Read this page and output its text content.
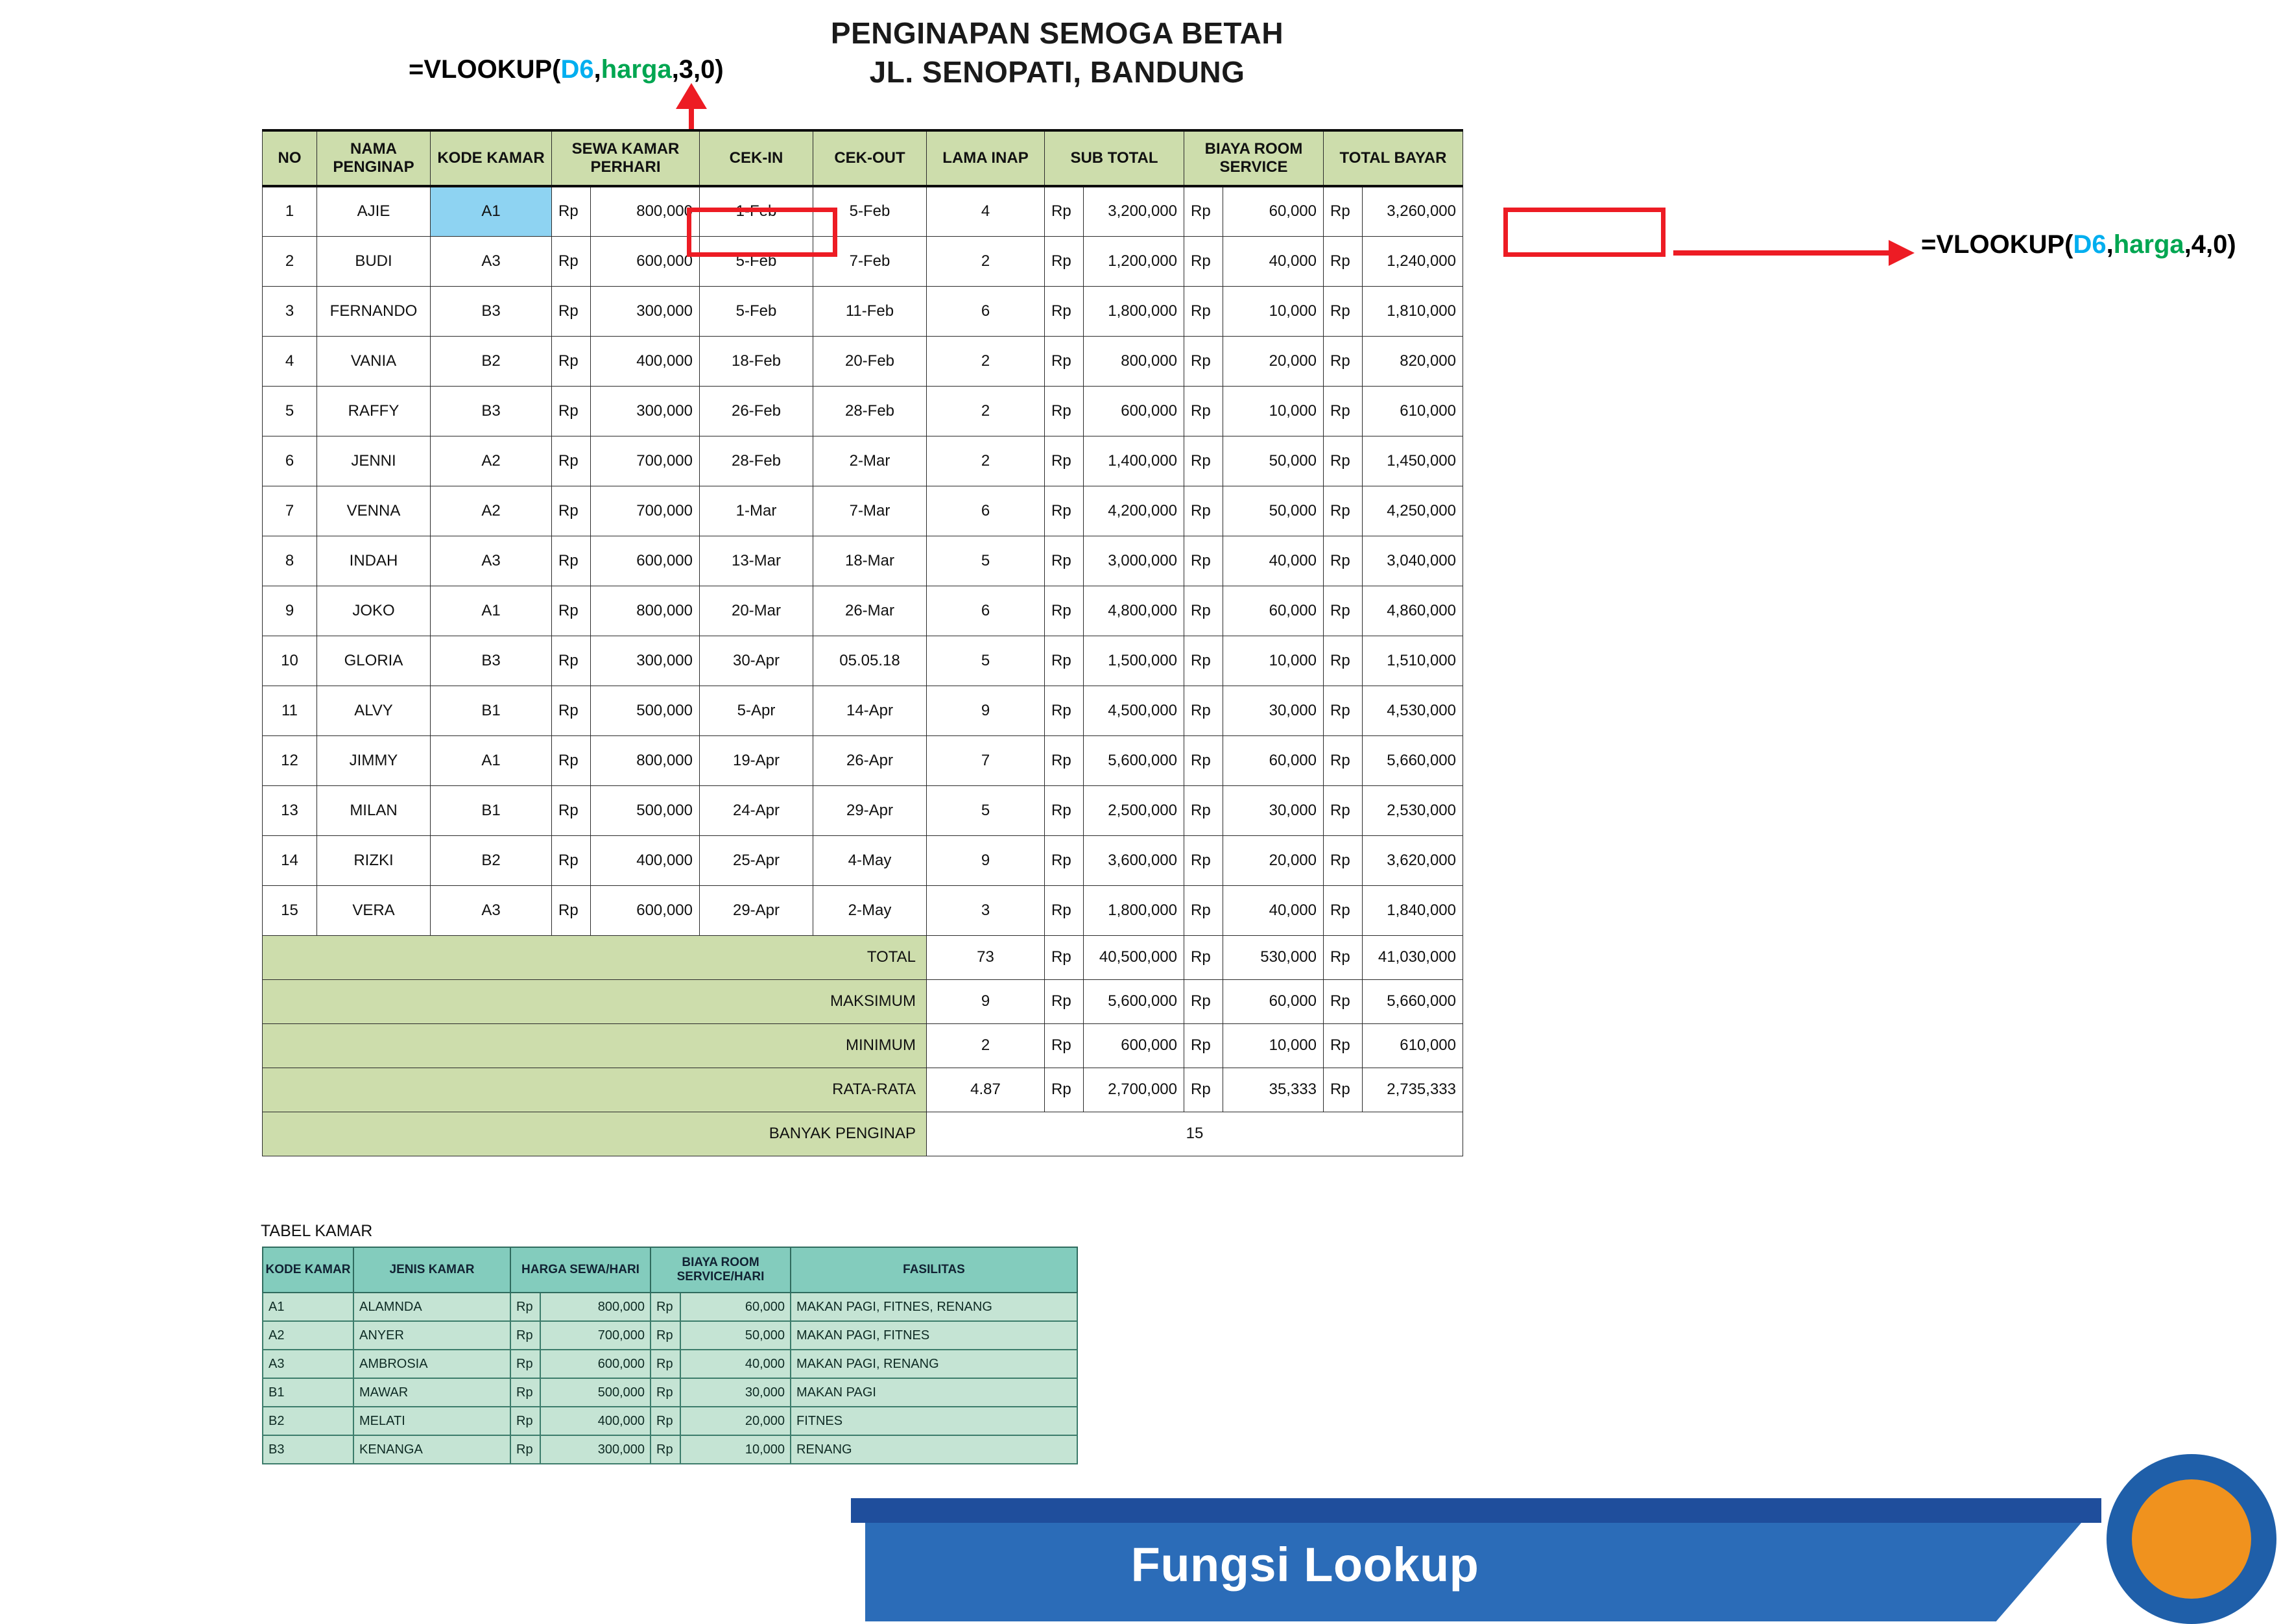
PENGINAPAN SEMOGA BETAH
JL. SENOPATI, BANDUNG
=VLOOKUP(D6,harga,3,0)
=VLOOKUP(D6,harga,4,0)
NO	NAMA PENGINAP	KODE KAMAR	SEWA KAMAR PERHARI		CEK-IN	CEK-OUT	LAMA INAP	SUB TOTAL		BIAYA ROOM SERVICE		TOTAL BAYAR	
1	AJIE	A1	Rp	800,000	1-Feb	5-Feb	4	Rp	3,200,000	Rp	60,000	Rp	3,260,000
2	BUDI	A3	Rp	600,000	5-Feb	7-Feb	2	Rp	1,200,000	Rp	40,000	Rp	1,240,000
3	FERNANDO	B3	Rp	300,000	5-Feb	11-Feb	6	Rp	1,800,000	Rp	10,000	Rp	1,810,000
4	VANIA	B2	Rp	400,000	18-Feb	20-Feb	2	Rp	800,000	Rp	20,000	Rp	820,000
5	RAFFY	B3	Rp	300,000	26-Feb	28-Feb	2	Rp	600,000	Rp	10,000	Rp	610,000
6	JENNI	A2	Rp	700,000	28-Feb	2-Mar	2	Rp	1,400,000	Rp	50,000	Rp	1,450,000
7	VENNA	A2	Rp	700,000	1-Mar	7-Mar	6	Rp	4,200,000	Rp	50,000	Rp	4,250,000
8	INDAH	A3	Rp	600,000	13-Mar	18-Mar	5	Rp	3,000,000	Rp	40,000	Rp	3,040,000
9	JOKO	A1	Rp	800,000	20-Mar	26-Mar	6	Rp	4,800,000	Rp	60,000	Rp	4,860,000
10	GLORIA	B3	Rp	300,000	30-Apr	05.05.18	5	Rp	1,500,000	Rp	10,000	Rp	1,510,000
11	ALVY	B1	Rp	500,000	5-Apr	14-Apr	9	Rp	4,500,000	Rp	30,000	Rp	4,530,000
12	JIMMY	A1	Rp	800,000	19-Apr	26-Apr	7	Rp	5,600,000	Rp	60,000	Rp	5,660,000
13	MILAN	B1	Rp	500,000	24-Apr	29-Apr	5	Rp	2,500,000	Rp	30,000	Rp	2,530,000
14	RIZKI	B2	Rp	400,000	25-Apr	4-May	9	Rp	3,600,000	Rp	20,000	Rp	3,620,000
15	VERA	A3	Rp	600,000	29-Apr	2-May	3	Rp	1,800,000	Rp	40,000	Rp	1,840,000
TOTAL							73	Rp	40,500,000	Rp	530,000	Rp	41,030,000
MAKSIMUM							9	Rp	5,600,000	Rp	60,000	Rp	5,660,000
MINIMUM							2	Rp	600,000	Rp	10,000	Rp	610,000
RATA-RATA							4.87	Rp	2,700,000	Rp	35,333	Rp	2,735,333
BANYAK PENGINAP							15						
TABEL KAMAR
KODE KAMAR	JENIS KAMAR	HARGA SEWA/HARI		BIAYA ROOM SERVICE/HARI		FASILITAS
A1	ALAMNDA	Rp	800,000	Rp	60,000	MAKAN PAGI, FITNES, RENANG
A2	ANYER	Rp	700,000	Rp	50,000	MAKAN PAGI, FITNES
A3	AMBROSIA	Rp	600,000	Rp	40,000	MAKAN PAGI, RENANG
B1	MAWAR	Rp	500,000	Rp	30,000	MAKAN PAGI
B2	MELATI	Rp	400,000	Rp	20,000	FITNES
B3	KENANGA	Rp	300,000	Rp	10,000	RENANG
Fungsi Lookup
